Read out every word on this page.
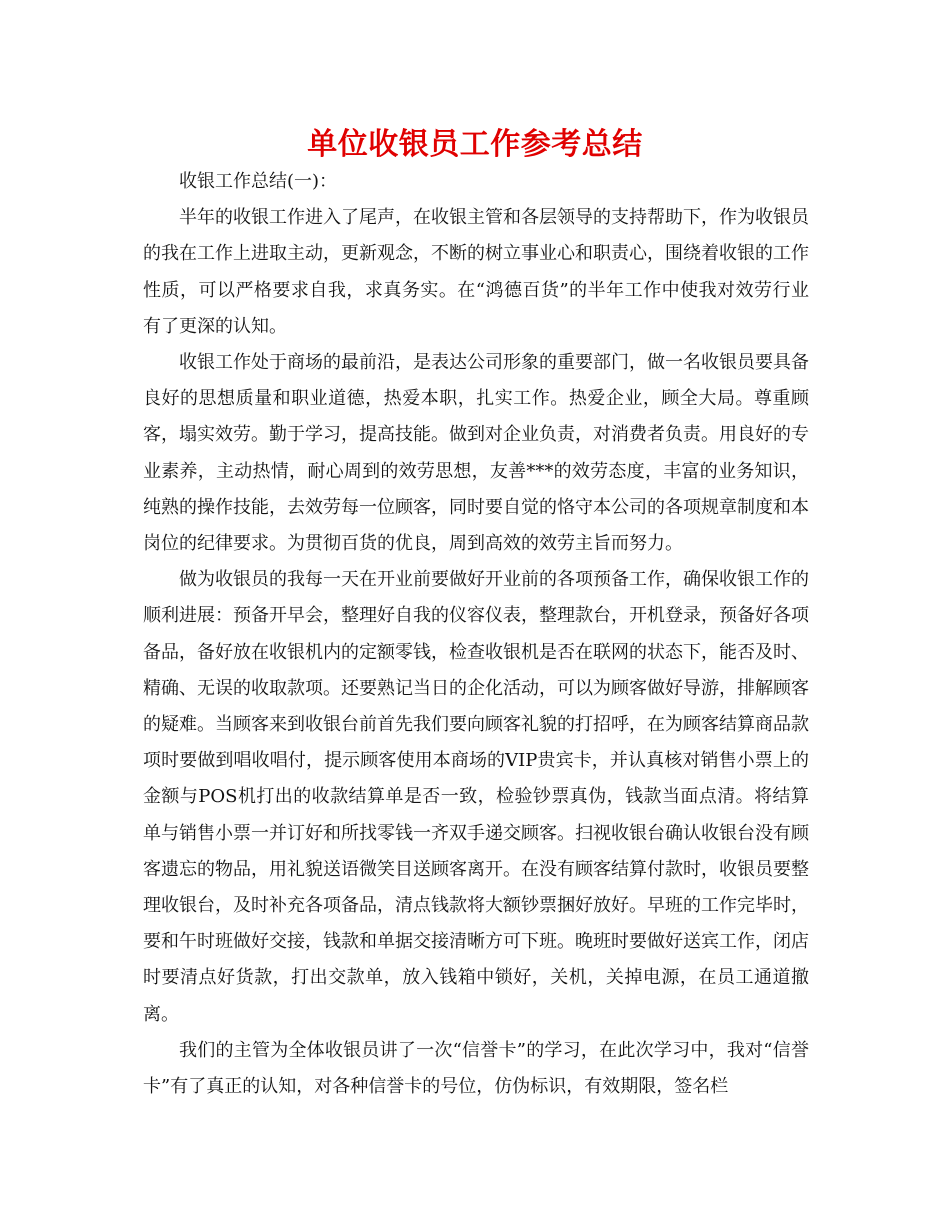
单位收银员工作参考总结

收银工作总结(一)：

半年的收银工作进入了尾声，在收银主管和各层领导的支持帮助下，作为收银员的我在工作上进取主动，更新观念，不断的树立事业心和职责心，围绕着收银的工作性质，可以严格要求自我，求真务实。在“鸿德百货”的半年工作中使我对效劳行业有了更深的认知。

收银工作处于商场的最前沿，是表达公司形象的重要部门，做一名收银员要具备良好的思想质量和职业道德，热爱本职，扎实工作。热爱企业，顾全大局。尊重顾客，塌实效劳。勤于学习，提高技能。做到对企业负责，对消费者负责。用良好的专业素养，主动热情，耐心周到的效劳思想，友善***的效劳态度，丰富的业务知识，纯熟的操作技能，去效劳每一位顾客，同时要自觉的恪守本公司的各项规章制度和本岗位的纪律要求。为贯彻百货的优良，周到高效的效劳主旨而努力。

做为收银员的我每一天在开业前要做好开业前的各项预备工作，确保收银工作的顺利进展：预备开早会，整理好自我的仪容仪表，整理款台，开机登录，预备好各项备品，备好放在收银机内的定额零钱，检查收银机是否在联网的状态下，能否及时、精确、无误的收取款项。还要熟记当日的企化活动，可以为顾客做好导游，排解顾客的疑难。当顾客来到收银台前首先我们要向顾客礼貌的打招呼，在为顾客结算商品款项时要做到唱收唱付，提示顾客使用本商场的VIP贵宾卡，并认真核对销售小票上的金额与POS机打出的收款结算单是否一致，检验钞票真伪，钱款当面点清。将结算单与销售小票一并订好和所找零钱一齐双手递交顾客。扫视收银台确认收银台没有顾客遗忘的物品，用礼貌送语微笑目送顾客离开。在没有顾客结算付款时，收银员要整理收银台，及时补充各项备品，清点钱款将大额钞票捆好放好。早班的工作完毕时，要和午时班做好交接，钱款和单据交接清晰方可下班。晚班时要做好送宾工作，闭店时要清点好货款，打出交款单，放入钱箱中锁好，关机，关掉电源，在员工通道撤离。

我们的主管为全体收银员讲了一次“信誉卡”的学习，在此次学习中，我对“信誉卡”有了真正的认知，对各种信誉卡的号位，仿伪标识，有效期限，签名栏
